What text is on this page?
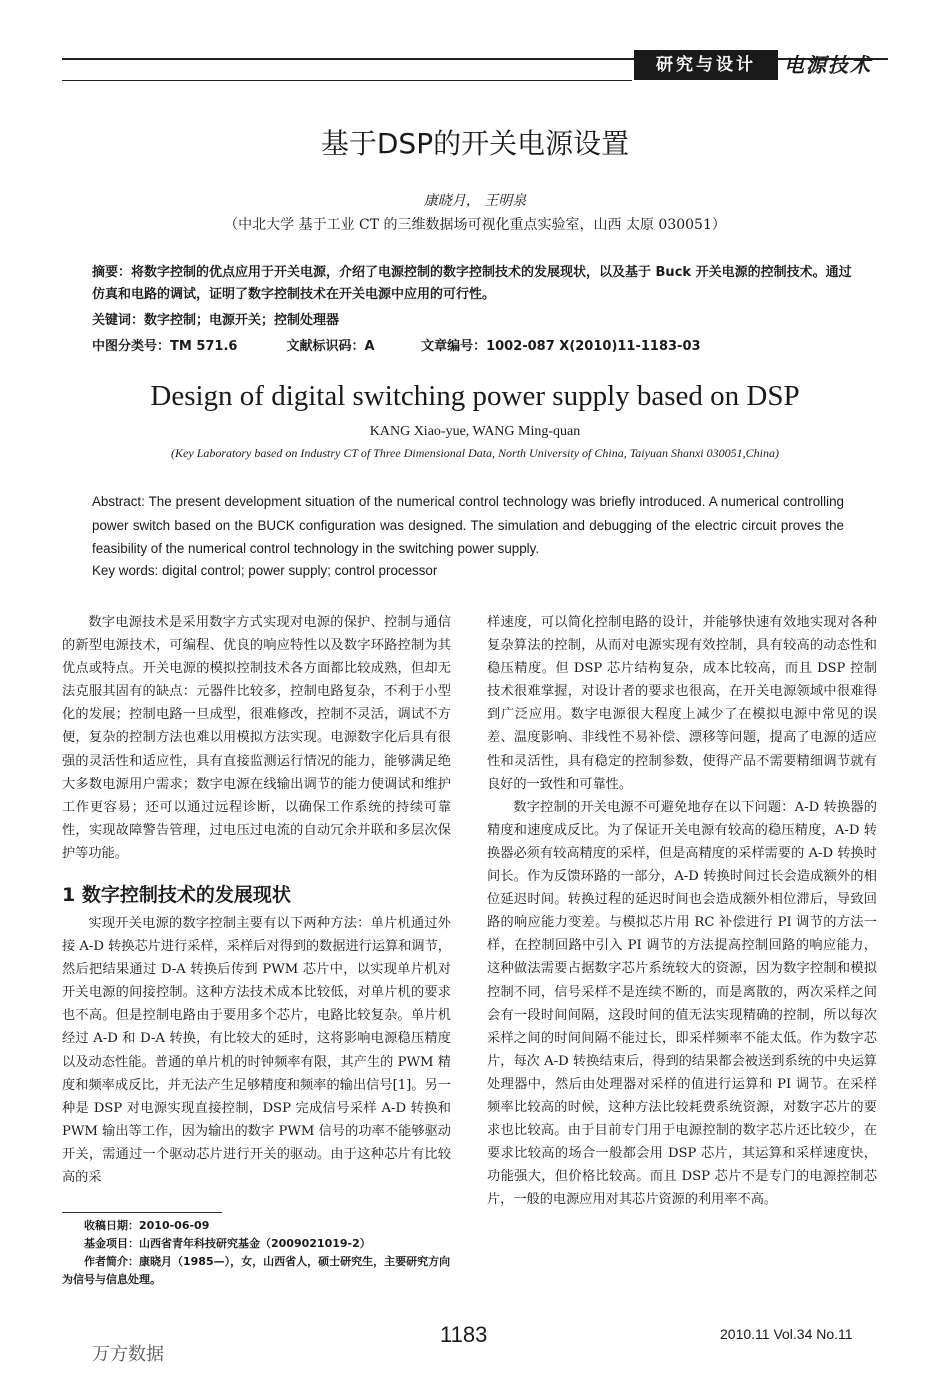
研究与设计	电源技术
基于DSP的开关电源设置
康晓月， 王明泉
（中北大学 基于工业 CT 的三维数据场可视化重点实验室，山西 太原 030051）
摘要：将数字控制的优点应用于开关电源，介绍了电源控制的数字控制技术的发展现状，以及基于 Buck 开关电源的控制技术。通过仿真和电路的调试，证明了数字控制技术在开关电源中应用的可行性。
关键词：数字控制；电源开关；控制处理器
中图分类号：TM 571.6	文献标识码：A	文章编号：1002-087 X(2010)11-1183-03
Design of digital switching power supply based on DSP
KANG Xiao-yue, WANG Ming-quan
(Key Laboratory based on Industry CT of Three Dimensional Data, North University of China, Taiyuan Shanxi 030051,China)
Abstract: The present development situation of the numerical control technology was briefly introduced. A numerical controlling power switch based on the BUCK configuration was designed. The simulation and debugging of the electric circuit proves the feasibility of the numerical control technology in the switching power supply.
Key words: digital control; power supply; control processor

数字电源技术是采用数字方式实现对电源的保护、控制与通信的新型电源技术，可编程、优良的响应特性以及数字环路控制为其优点或特点。开关电源的模拟控制技术各方面都比较成熟，但却无法克服其固有的缺点：元器件比较多，控制电路复杂，不利于小型化的发展；控制电路一旦成型，很难修改，控制不灵活，调试不方便，复杂的控制方法也难以用模拟方法实现。电源数字化后具有很强的灵活性和适应性，具有直接监测运行情况的能力，能够满足绝大多数电源用户需求；数字电源在线输出调节的能力使调试和维护工作更容易；还可以通过远程诊断，以确保工作系统的持续可靠性，实现故障警告管理，过电压过电流的自动冗余并联和多层次保护等功能。

1 数字控制技术的发展现状

实现开关电源的数字控制主要有以下两种方法：单片机通过外接 A-D 转换芯片进行采样，采样后对得到的数据进行运算和调节，然后把结果通过 D-A 转换后传到 PWM 芯片中，以实现单片机对开关电源的间接控制。这种方法技术成本比较低，对单片机的要求也不高。但是控制电路由于要用多个芯片，电路比较复杂。单片机经过 A-D 和 D-A 转换，有比较大的延时，这将影响电源稳压精度以及动态性能。普通的单片机的时钟频率有限，其产生的 PWM 精度和频率成反比，并无法产生足够精度和频率的输出信号[1]。另一种是 DSP 对电源实现直接控制，DSP 完成信号采样 A-D 转换和 PWM 输出等工作，因为输出的数字 PWM 信号的功率不能够驱动开关，需通过一个驱动芯片进行开关的驱动。由于这种芯片有比较高的采

样速度，可以简化控制电路的设计，并能够快速有效地实现对各种复杂算法的控制，从而对电源实现有效控制，具有较高的动态性和稳压精度。但 DSP 芯片结构复杂，成本比较高，而且 DSP 控制技术很难掌握，对设计者的要求也很高，在开关电源领域中很难得到广泛应用。数字电源很大程度上减少了在模拟电源中常见的误差、温度影响、非线性不易补偿、漂移等问题，提高了电源的适应性和灵活性，具有稳定的控制参数，使得产品不需要精细调节就有良好的一致性和可靠性。

数字控制的开关电源不可避免地存在以下问题：A-D 转换器的精度和速度成反比。为了保证开关电源有较高的稳压精度，A-D 转换器必须有较高精度的采样，但是高精度的采样需要的 A-D 转换时间长。作为反馈环路的一部分，A-D 转换时间过长会造成额外的相位延迟时间。转换过程的延迟时间也会造成额外相位滞后，导致回路的响应能力变差。与模拟芯片用 RC 补偿进行 PI 调节的方法一样，在控制回路中引入 PI 调节的方法提高控制回路的响应能力，这种做法需要占据数字芯片系统较大的资源，因为数字控制和模拟控制不同，信号采样不是连续不断的，而是离散的，两次采样之间会有一段时间间隔，这段时间的值无法实现精确的控制，所以每次采样之间的时间间隔不能过长，即采样频率不能太低。作为数字芯片，每次 A-D 转换结束后，得到的结果都会被送到系统的中央运算处理器中，然后由处理器对采样的值进行运算和 PI 调节。在采样频率比较高的时候，这种方法比较耗费系统资源，对数字芯片的要求也比较高。由于目前专门用于电源控制的数字芯片还比较少，在要求比较高的场合一般都会用 DSP 芯片，其运算和采样速度快，功能强大，但价格比较高。而且 DSP 芯片不是专门的电源控制芯片，一般的电源应用对其芯片资源的利用率不高。

收稿日期：2010-06-09
基金项目：山西省青年科技研究基金（2009021019-2）
作者简介：康晓月（1985—），女，山西省人，硕士研究生，主要研究方向为信号与信息处理。
万方数据
1183	2010.11 Vol.34 No.11
